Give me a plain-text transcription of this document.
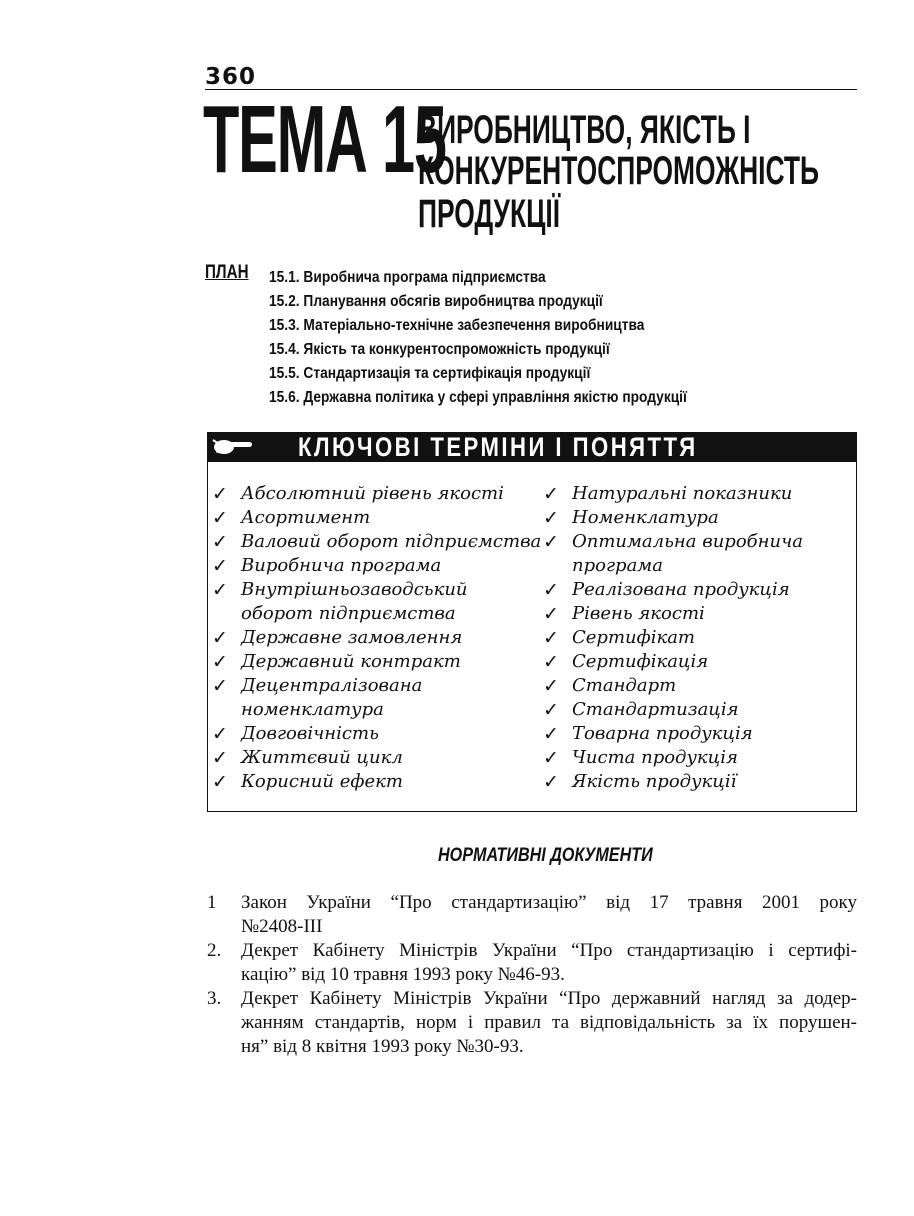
360
ТЕМА 15
ВИРОБНИЦТВО, ЯКІСТЬ І
КОНКУРЕНТОСПРОМОЖНІСТЬ
ПРОДУКЦІЇ
ПЛАН 15.1. Виробнича програма підприємства
15.2. Планування обсягів виробництва продукції
15.3. Матеріально-технічне забезпечення виробництва
15.4. Якість та конкурентоспроможність продукції
15.5. Стандартизація та сертифікація продукції
15.6. Державна політика у сфері управління якістю продукції
КЛЮЧОВІ ТЕРМІНИ І ПОНЯТТЯ
✓ Абсолютний рівень якості
✓ Асортимент
✓ Валовий оборот підприємства
✓ Виробнича програма
✓ Внутрішньозаводський
оборот підприємства
✓ Державне замовлення
✓ Державний контракт
✓ Децентралізована
номенклатура
✓ Довговічність
✓ Життєвий цикл
✓ Корисний ефект
✓ Натуральні показники
✓ Номенклатура
✓ Оптимальна виробнича
програма
✓ Реалізована продукція
✓ Рівень якості
✓ Сертифікат
✓ Сертифікація
✓ Стандарт
✓ Стандартизація
✓ Товарна продукція
✓ Чиста продукція
✓ Якість продукції
НОРМАТИВНІ ДОКУМЕНТИ
1 Закон України “Про стандартизацію” від 17 травня 2001 року
№2408-ІІІ
2. Декрет Кабінету Міністрів України “Про стандартизацію і сертифі-
кацію” від 10 травня 1993 року №46-93.
3. Декрет Кабінету Міністрів України “Про державний нагляд за додер-
жанням стандартів, норм і правил та відповідальність за їх порушен-
ня” від 8 квітня 1993 року №30-93.
